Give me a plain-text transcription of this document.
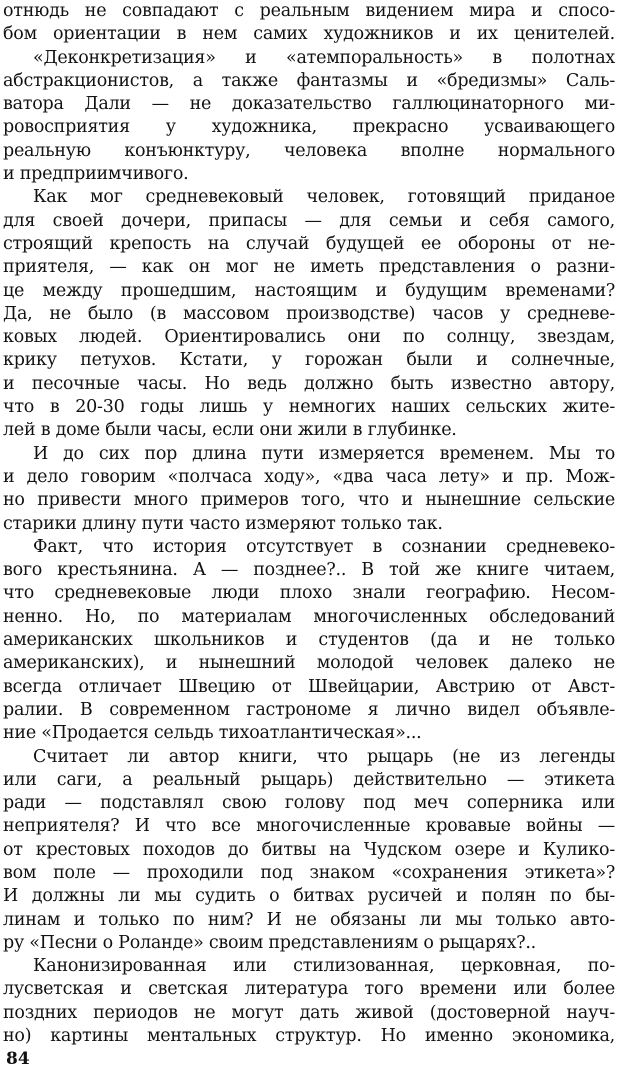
отнюдь не совпадают с реальным видением мира и спосо-
бом ориентации в нем самих художников и их ценителей.
«Деконкретизация» и «атемпоральность» в полотнах
абстракционистов, а также фантазмы и «бредизмы» Саль-
ватора Дали — не доказательство галлюцинаторного ми-
ровосприятия у художника, прекрасно усваивающего
реальную конъюнктуру, человека вполне нормального
и предприимчивого.
Как мог средневековый человек, готовящий приданое
для своей дочери, припасы — для семьи и себя самого,
строящий крепость на случай будущей ее обороны от не-
приятеля, — как он мог не иметь представления о разни-
це между прошедшим, настоящим и будущим временами?
Да, не было (в массовом производстве) часов у средневе-
ковых людей. Ориентировались они по солнцу, звездам,
крику петухов. Кстати, у горожан были и солнечные,
и песочные часы. Но ведь должно быть известно автору,
что в 20-30 годы лишь у немногих наших сельских жите-
лей в доме были часы, если они жили в глубинке.
И до сих пор длина пути измеряется временем. Мы то
и дело говорим «полчаса ходу», «два часа лету» и пр. Мож-
но привести много примеров того, что и нынешние сельские
старики длину пути часто измеряют только так.
Факт, что история отсутствует в сознании средневеко-
вого крестьянина. А — позднее?.. В той же книге читаем,
что средневековые люди плохо знали географию. Несом-
ненно. Но, по материалам многочисленных обследований
американских школьников и студентов (да и не только
американских), и нынешний молодой человек далеко не
всегда отличает Швецию от Швейцарии, Австрию от Авст-
ралии. В современном гастрономе я лично видел объявле-
ние «Продается сельдь тихоатлантическая»...
Считает ли автор книги, что рыцарь (не из легенды
или саги, а реальный рыцарь) действительно — этикета
ради — подставлял свою голову под меч соперника или
неприятеля? И что все многочисленные кровавые войны —
от крестовых походов до битвы на Чудском озере и Кулико-
вом поле — проходили под знаком «сохранения этикета»?
И должны ли мы судить о битвах русичей и полян по бы-
линам и только по ним? И не обязаны ли мы только авто-
ру «Песни о Роланде» своим представлениям о рыцарях?..
Канонизированная или стилизованная, церковная, по-
лусветская и светская литература того времени или более
поздних периодов не могут дать живой (достоверной науч-
но) картины ментальных структур. Но именно экономика,
84
